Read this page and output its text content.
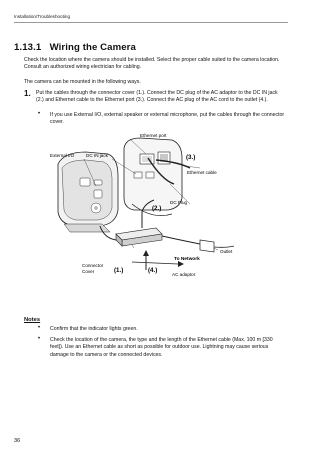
Installation/Troubleshooting
1.13.1 Wiring the Camera
Check the location where the camera should be installed. Select the proper cable suited to the camera location. Consult an authorized wiring electrician for cabling.
The camera can be mounted in the following ways.
1. Put the cables through the connector cover (1.). Connect the DC plug of the AC adaptor to the DC IN jack (2.) and Ethernet cable to the Ethernet port (3.). Connect the AC plug of the AC cord to the outlet (4.).
• If you use External I/O, external speaker or external microphone, put the cables through the connector cover.
Ethernet port
External I/O	DC IN jack
Ethernet cable
DC Plug
To Network
Connector
Cover
Outlet
AC adaptor
(3.)
(2.)
(1.)	(4.)
Notes
• Confirm that the indicator lights green.
• Check the location of the camera, the type and the length of the Ethernet cable (Max. 100 m [330 feet]). Use an Ethernet cable as short as possible for outdoor use. Lightning may cause serious damage to the camera or the connected devices.
36
